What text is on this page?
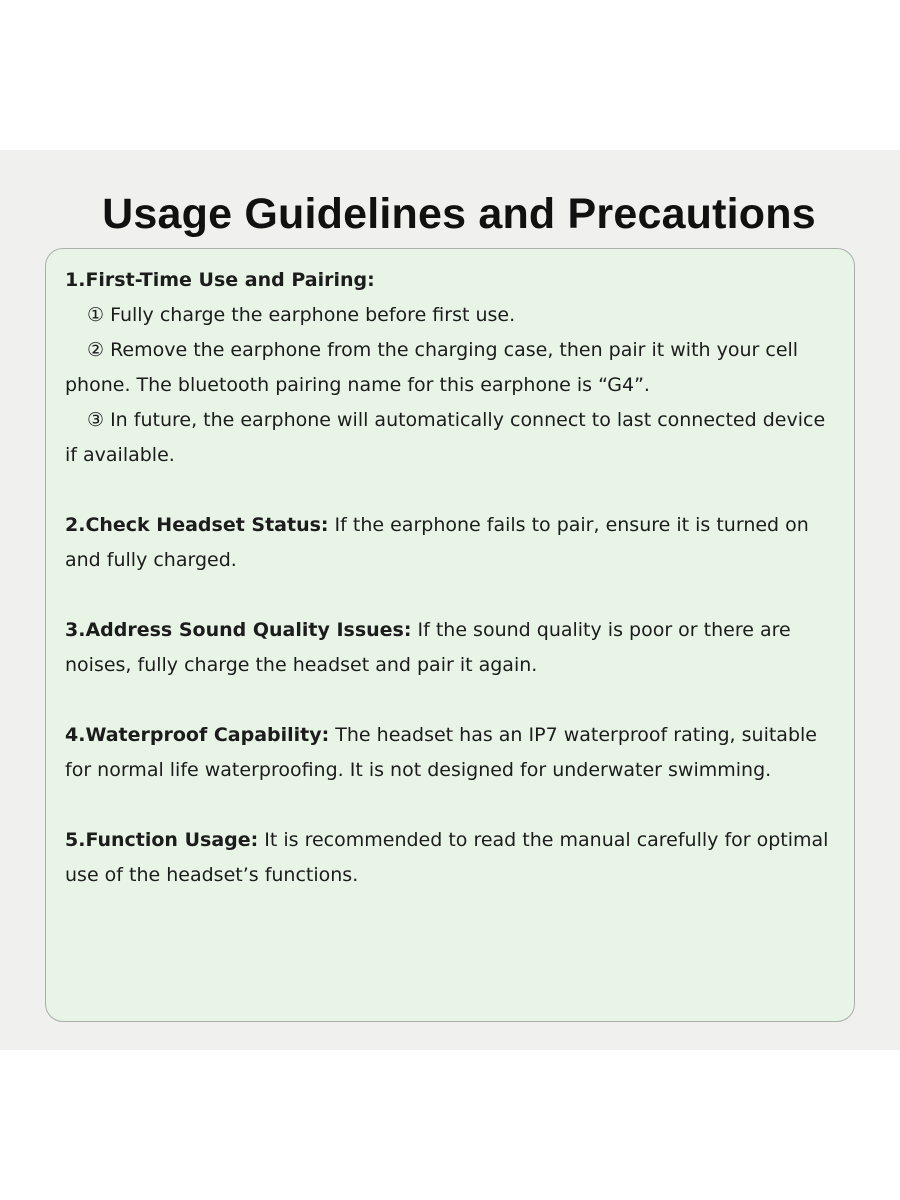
Usage Guidelines and Precautions

1.First-Time Use and Pairing:

① Fully charge the earphone before first use.

② Remove the earphone from the charging case, then pair it with your cell

phone. The bluetooth pairing name for this earphone is “G4”.

③ In future, the earphone will automatically connect to last connected device

if available.

2.Check Headset Status: If the earphone fails to pair, ensure it is turned on and fully charged.

3.Address Sound Quality Issues: If the sound quality is poor or there are noises, fully charge the headset and pair it again.

4.Waterproof Capability: The headset has an IP7 waterproof rating, suitable for normal life waterproofing. It is not designed for underwater swimming.

5.Function Usage: It is recommended to read the manual carefully for optimal use of the headset’s functions.
